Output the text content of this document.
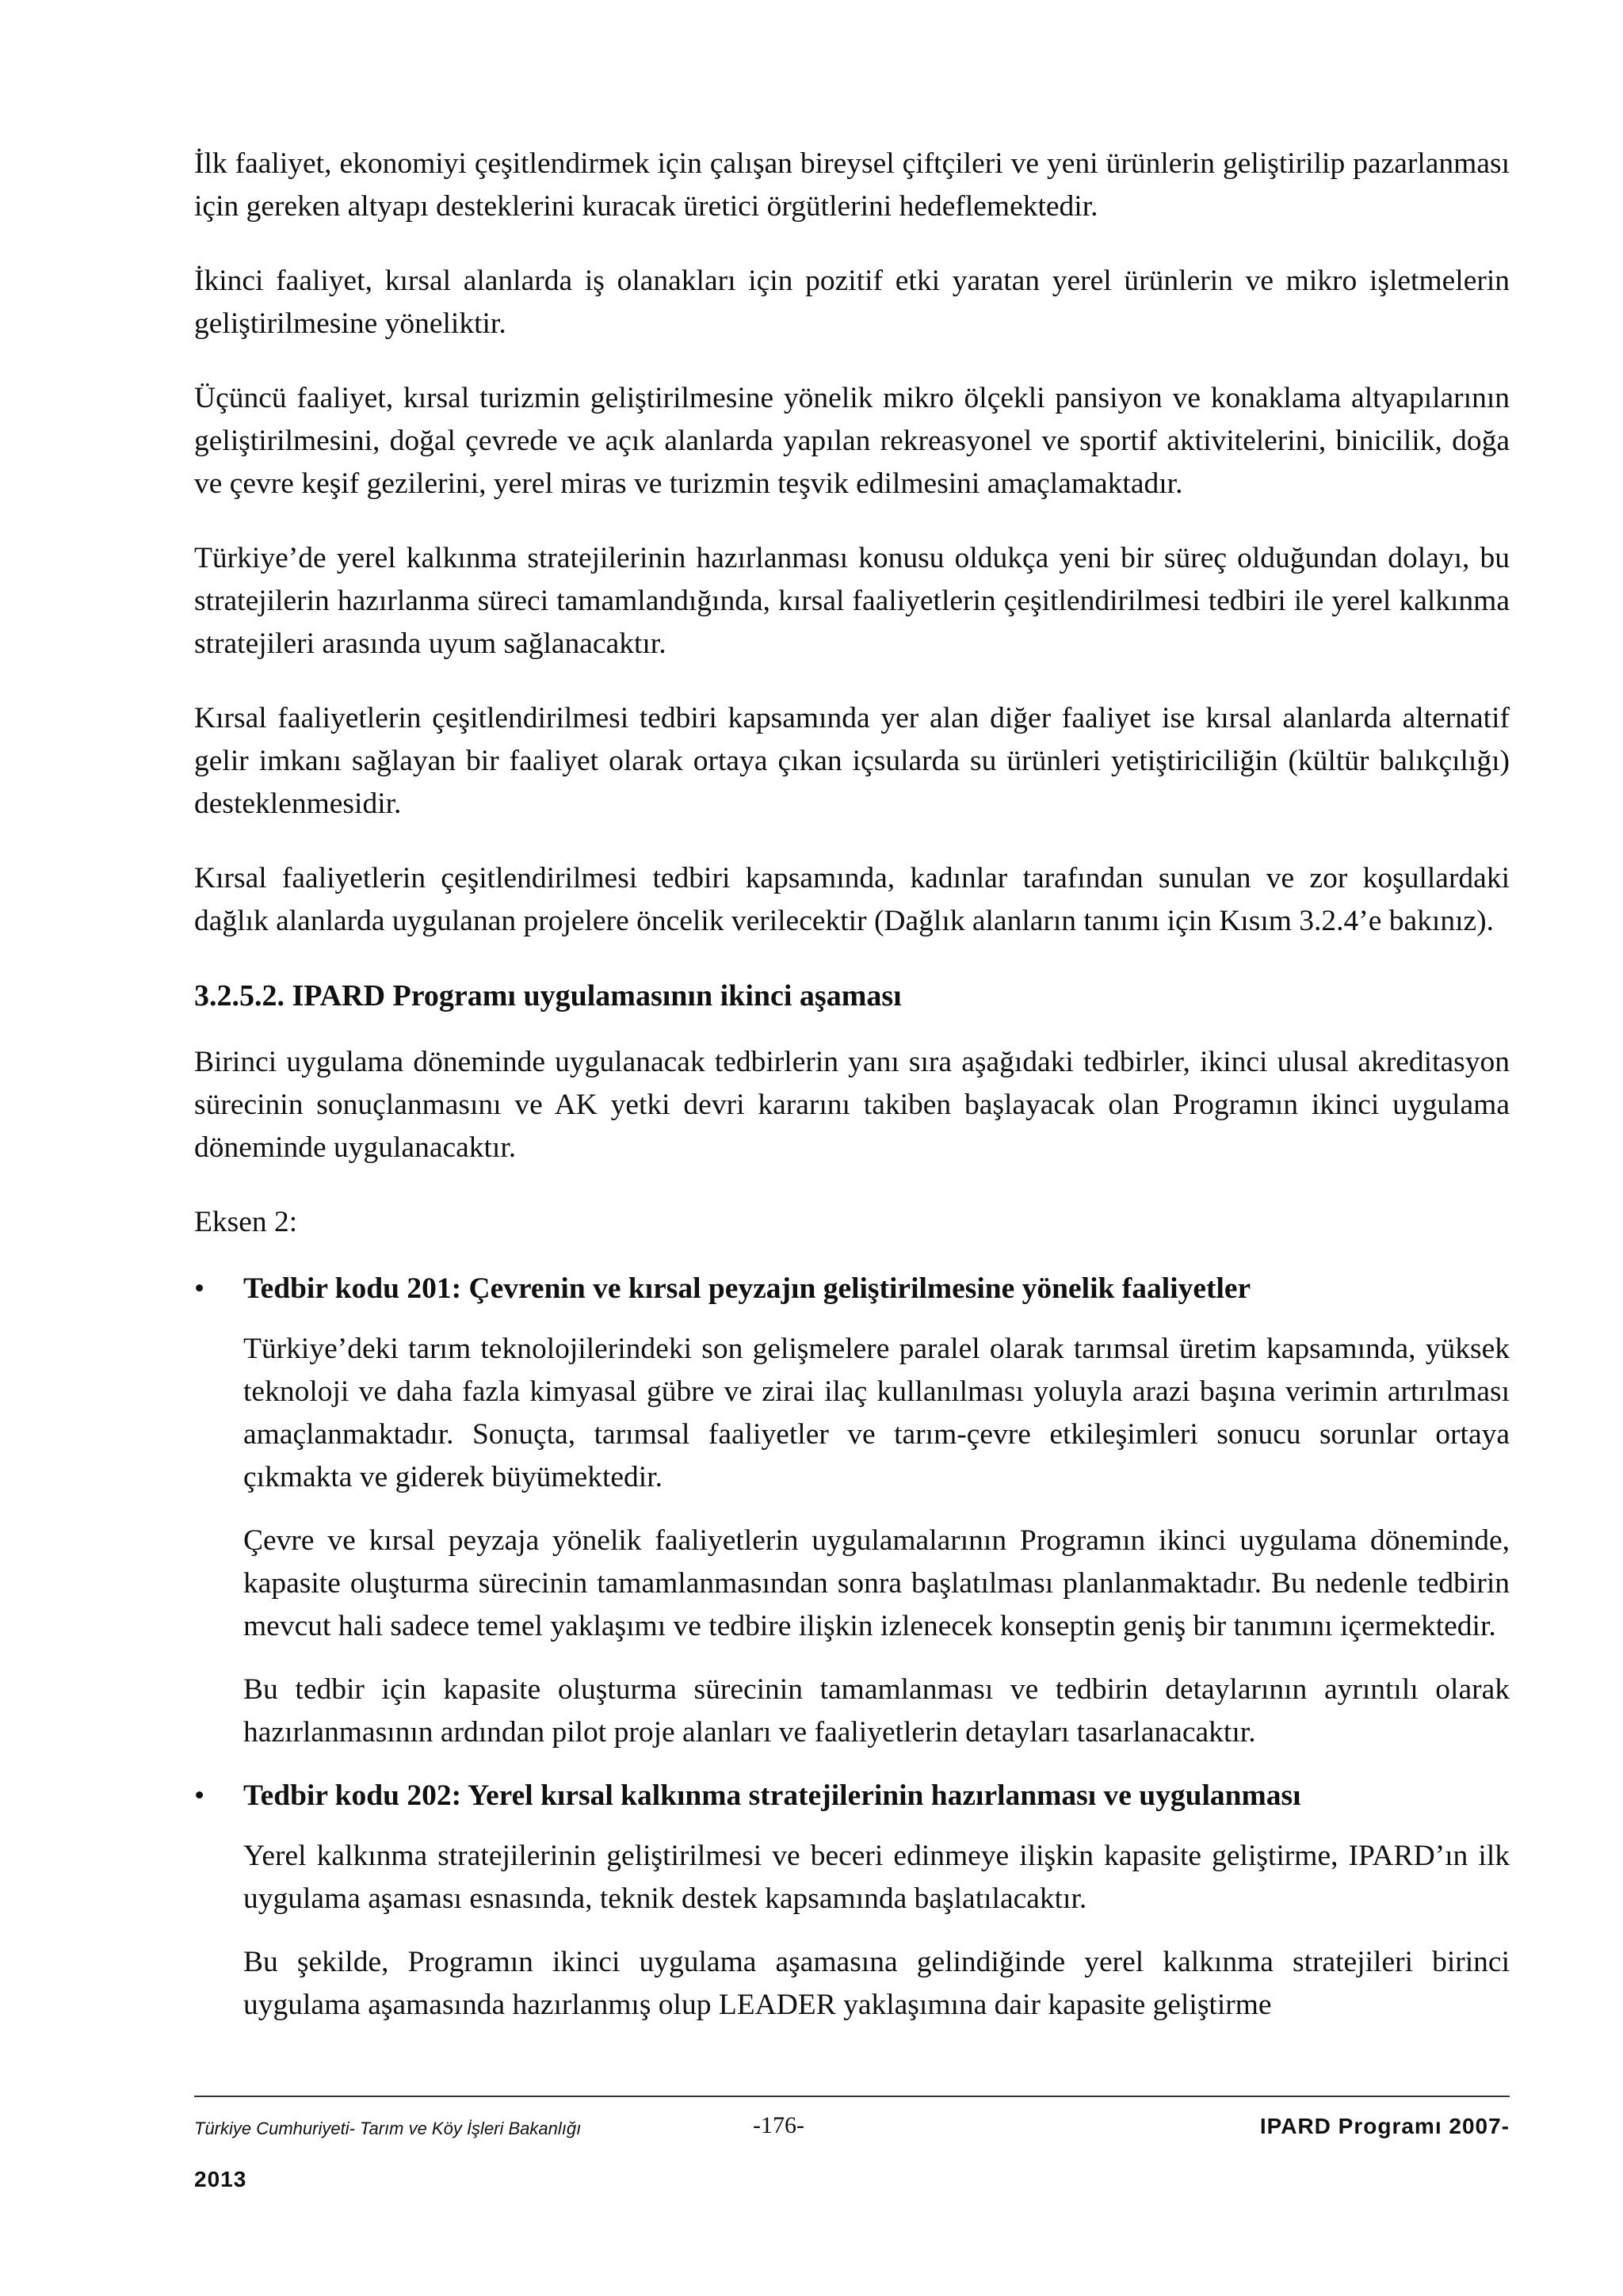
İlk faaliyet, ekonomiyi çeşitlendirmek için çalışan bireysel çiftçileri ve yeni ürünlerin geliştirilip pazarlanması için gereken altyapı desteklerini kuracak üretici örgütlerini hedeflemektedir.

İkinci faaliyet, kırsal alanlarda iş olanakları için pozitif etki yaratan yerel ürünlerin ve mikro işletmelerin geliştirilmesine yöneliktir.

Üçüncü faaliyet, kırsal turizmin geliştirilmesine yönelik mikro ölçekli pansiyon ve konaklama altyapılarının geliştirilmesini, doğal çevrede ve açık alanlarda yapılan rekreasyonel ve sportif aktivitelerini, binicilik, doğa ve çevre keşif gezilerini, yerel miras ve turizmin teşvik edilmesini amaçlamaktadır.

Türkiye’de yerel kalkınma stratejilerinin hazırlanması konusu oldukça yeni bir süreç olduğundan dolayı, bu stratejilerin hazırlanma süreci tamamlandığında, kırsal faaliyetlerin çeşitlendirilmesi tedbiri ile yerel kalkınma stratejileri arasında uyum sağlanacaktır.

Kırsal faaliyetlerin çeşitlendirilmesi tedbiri kapsamında yer alan diğer faaliyet ise kırsal alanlarda alternatif gelir imkanı sağlayan bir faaliyet olarak ortaya çıkan içsularda su ürünleri yetiştiriciliğin (kültür balıkçılığı) desteklenmesidir.

Kırsal faaliyetlerin çeşitlendirilmesi tedbiri kapsamında, kadınlar tarafından sunulan ve zor koşullardaki dağlık alanlarda uygulanan projelere öncelik verilecektir (Dağlık alanların tanımı için Kısım 3.2.4’e bakınız).

3.2.5.2. IPARD Programı uygulamasının ikinci aşaması

Birinci uygulama döneminde uygulanacak tedbirlerin yanı sıra aşağıdaki tedbirler, ikinci ulusal akreditasyon sürecinin sonuçlanmasını ve AK yetki devri kararını takiben başlayacak olan Programın ikinci uygulama döneminde uygulanacaktır.

Eksen 2:

• Tedbir kodu 201: Çevrenin ve kırsal peyzajın geliştirilmesine yönelik faaliyetler

Türkiye’deki tarım teknolojilerindeki son gelişmelere paralel olarak tarımsal üretim kapsamında, yüksek teknoloji ve daha fazla kimyasal gübre ve zirai ilaç kullanılması yoluyla arazi başına verimin artırılması amaçlanmaktadır. Sonuçta, tarımsal faaliyetler ve tarım-çevre etkileşimleri sonucu sorunlar ortaya çıkmakta ve giderek büyümektedir.

Çevre ve kırsal peyzaja yönelik faaliyetlerin uygulamalarının Programın ikinci uygulama döneminde, kapasite oluşturma sürecinin tamamlanmasından sonra başlatılması planlanmaktadır. Bu nedenle tedbirin mevcut hali sadece temel yaklaşımı ve tedbire ilişkin izlenecek konseptin geniş bir tanımını içermektedir.

Bu tedbir için kapasite oluşturma sürecinin tamamlanması ve tedbirin detaylarının ayrıntılı olarak hazırlanmasının ardından pilot proje alanları ve faaliyetlerin detayları tasarlanacaktır.

• Tedbir kodu 202: Yerel kırsal kalkınma stratejilerinin hazırlanması ve uygulanması

Yerel kalkınma stratejilerinin geliştirilmesi ve beceri edinmeye ilişkin kapasite geliştirme, IPARD’ın ilk uygulama aşaması esnasında, teknik destek kapsamında başlatılacaktır.

Bu şekilde, Programın ikinci uygulama aşamasına gelindiğinde yerel kalkınma stratejileri birinci uygulama aşamasında hazırlanmış olup LEADER yaklaşımına dair kapasite geliştirme

Türkiye Cumhuriyeti- Tarım ve Köy İşleri Bakanlığı	-176-	IPARD Programı 2007-
2013
